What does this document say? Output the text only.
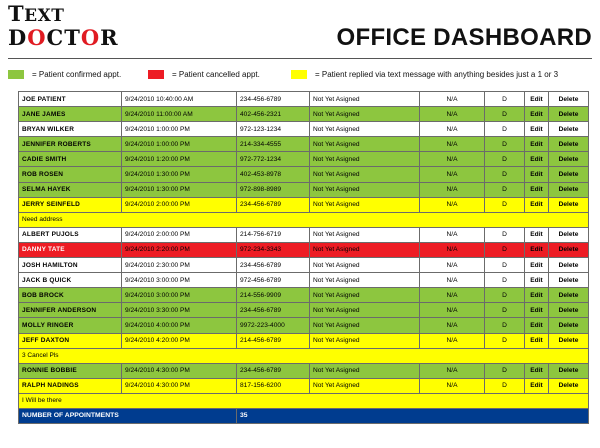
TEXT
DOCTOR	OFFICE DASHBOARD
= Patient confirmed appt.	= Patient cancelled appt.	= Patient replied via text message with anything besides just a 1 or 3
JOE PATIENT	9/24/2010 10:40:00 AM	234-456-6789	Not Yet Asigned	N/A	D	Edit	Delete
JANE JAMES	9/24/2010 11:00:00 AM	402-456-2321	Not Yet Asigned	N/A	D	Edit	Delete
BRYAN WILKER	9/24/2010 1:00:00 PM	972-123-1234	Not Yet Asigned	N/A	D	Edit	Delete
JENNIFER ROBERTS	9/24/2010 1:00:00 PM	214-334-4555	Not Yet Asigned	N/A	D	Edit	Delete
CADIE SMITH	9/24/2010 1:20:00 PM	972-772-1234	Not Yet Asigned	N/A	D	Edit	Delete
ROB ROSEN	9/24/2010 1:30:00 PM	402-453-8978	Not Yet Asigned	N/A	D	Edit	Delete
SELMA HAYEK	9/24/2010 1:30:00 PM	972-898-8989	Not Yet Asigned	N/A	D	Edit	Delete
JERRY SEINFELD	9/24/2010 2:00:00 PM	234-456-6789	Not Yet Asigned	N/A	D	Edit	Delete
Need address							
ALBERT PUJOLS	9/24/2010 2:00:00 PM	214-756-6719	Not Yet Asigned	N/A	D	Edit	Delete
DANNY TATE	9/24/2010 2:20:00 PM	972-234-3343	Not Yet Asigned	N/A	D	Edit	Delete
JOSH HAMILTON	9/24/2010 2:30:00 PM	234-456-6789	Not Yet Asigned	N/A	D	Edit	Delete
JACK B QUICK	9/24/2010 3:00:00 PM	972-456-6789	Not Yet Asigned	N/A	D	Edit	Delete
BOB BROCK	9/24/2010 3:00:00 PM	214-556-9909	Not Yet Asigned	N/A	D	Edit	Delete
JENNIFER ANDERSON	9/24/2010 3:30:00 PM	234-456-6789	Not Yet Asigned	N/A	D	Edit	Delete
MOLLY RINGER	9/24/2010 4:00:00 PM	9972-223-4000	Not Yet Asigned	N/A	D	Edit	Delete
JEFF DAXTON	9/24/2010 4:20:00 PM	214-456-6789	Not Yet Asigned	N/A	D	Edit	Delete
3 Cancel Pls							
RONNIE BOBBIE	9/24/2010 4:30:00 PM	234-456-6789	Not Yet Asigned	N/A	D	Edit	Delete
RALPH NADINGS	9/24/2010 4:30:00 PM	817-156-6200	Not Yet Asigned	N/A	D	Edit	Delete
I Will be there							
NUMBER OF APPOINTMENTS		35					
